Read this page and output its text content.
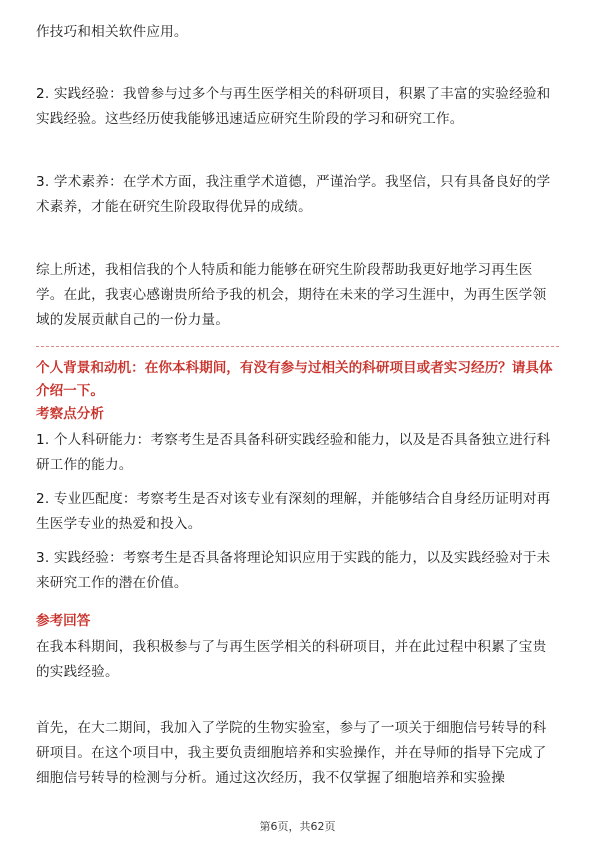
作技巧和相关软件应用。

2. 实践经验：我曾参与过多个与再生医学相关的科研项目，积累了丰富的实验经验和实践经验。这些经历使我能够迅速适应研究生阶段的学习和研究工作。

3. 学术素养：在学术方面，我注重学术道德，严谨治学。我坚信，只有具备良好的学术素养，才能在研究生阶段取得优异的成绩。

综上所述，我相信我的个人特质和能力能够在研究生阶段帮助我更好地学习再生医学。在此，我衷心感谢贵所给予我的机会，期待在未来的学习生涯中，为再生医学领域的发展贡献自己的一份力量。

个人背景和动机：在你本科期间，有没有参与过相关的科研项目或者实习经历？请具体介绍一下。

考察点分析

1. 个人科研能力：考察考生是否具备科研实践经验和能力，以及是否具备独立进行科研工作的能力。

2. 专业匹配度：考察考生是否对该专业有深刻的理解，并能够结合自身经历证明对再生医学专业的热爱和投入。

3. 实践经验：考察考生是否具备将理论知识应用于实践的能力，以及实践经验对于未来研究工作的潜在价值。

参考回答

在我本科期间，我积极参与了与再生医学相关的科研项目，并在此过程中积累了宝贵的实践经验。

首先，在大二期间，我加入了学院的生物实验室，参与了一项关于细胞信号转导的科研项目。在这个项目中，我主要负责细胞培养和实验操作，并在导师的指导下完成了细胞信号转导的检测与分析。通过这次经历，我不仅掌握了细胞培养和实验操

第6页，共62页
